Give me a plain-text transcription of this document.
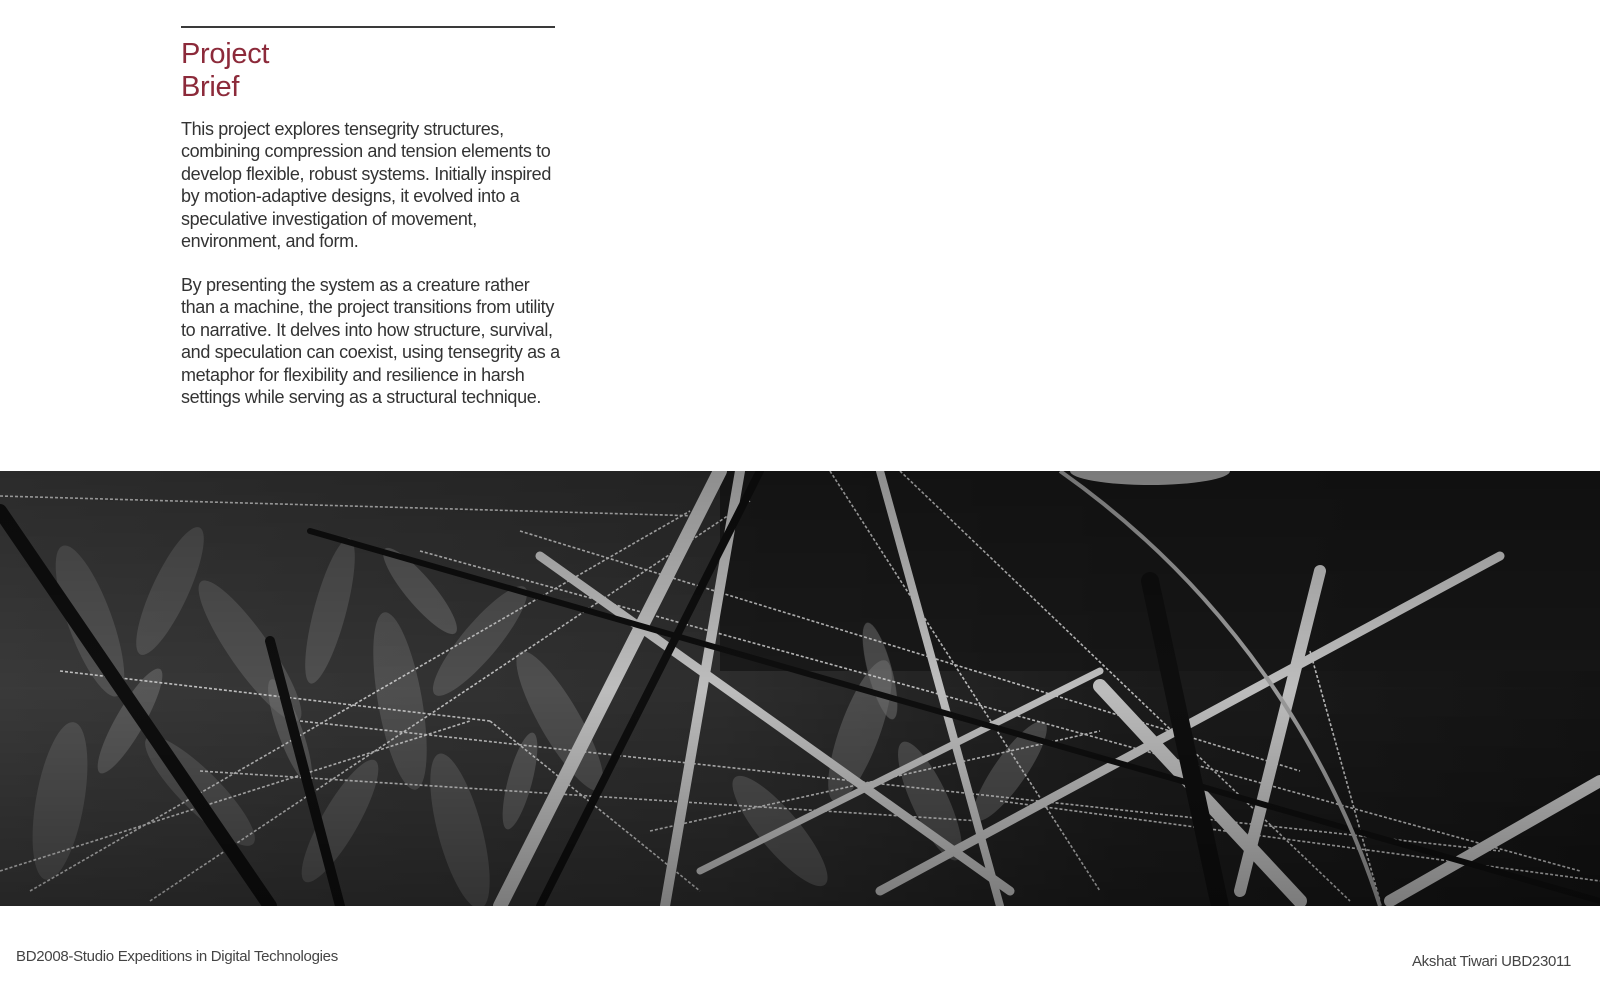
Project
Brief

This project explores tensegrity structures, combining compression and tension elements to develop flexible, robust systems. Initially inspired by motion-adaptive designs, it evolved into a speculative investigation of movement, environment, and form.

By presenting the system as a creature rather than a machine, the project transitions from utility to narrative. It delves into how structure, survival, and speculation can coexist, using tensegrity as a metaphor for flexibility and resilience in harsh settings while serving as a structural technique.

BD2008-Studio Expeditions in Digital Technologies	Akshat Tiwari UBD23011
